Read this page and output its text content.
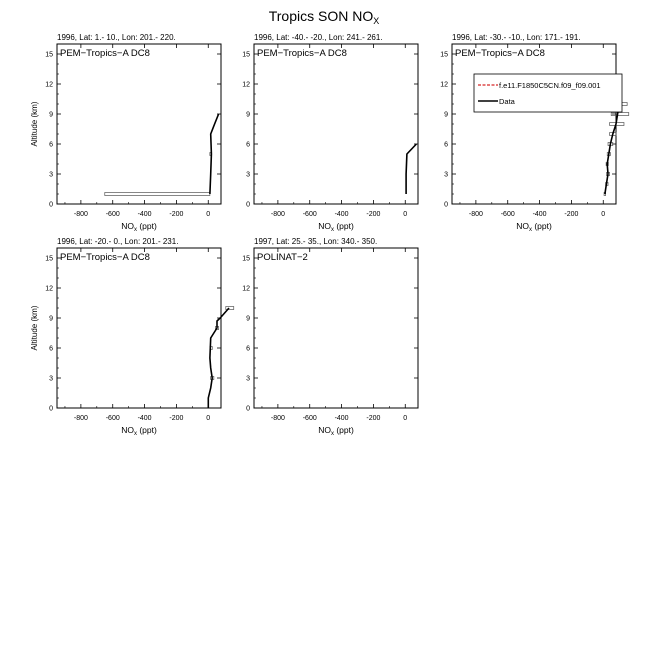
Tropics SON $NO_X$
1996, Lat: 1.- 10., Lon: 201.- 220.
PEM−Tropics−A DC8
-800	-600	-400	-200	0
0
3
6
9
12
15
$NO_x$ (ppt)
Altitude (km)
1996, Lat: -40.- -20., Lon: 241.- 261.
PEM−Tropics−A DC8
-800	-600	-400	-200	0
0
3
6
9
12
15
$NO_x$ (ppt)
1996, Lat: -30.- -10., Lon: 171.- 191.
PEM−Tropics−A DC8
-800	-600	-400	-200	0
0
3
6
9
12
15
$NO_x$ (ppt)
f.e11.F1850C5CN.f09_f09.001
Data
1996, Lat: -20.- 0., Lon: 201.- 231.
PEM−Tropics−A DC8
-800	-600	-400	-200	0
0
3
6
9
12
15
$NO_x$ (ppt)
Altitude (km)
1997, Lat: 25.- 35., Lon: 340.- 350.
POLINAT−2
-800	-600	-400	-200	0
0
3
6
9
12
15
$NO_x$ (ppt)
